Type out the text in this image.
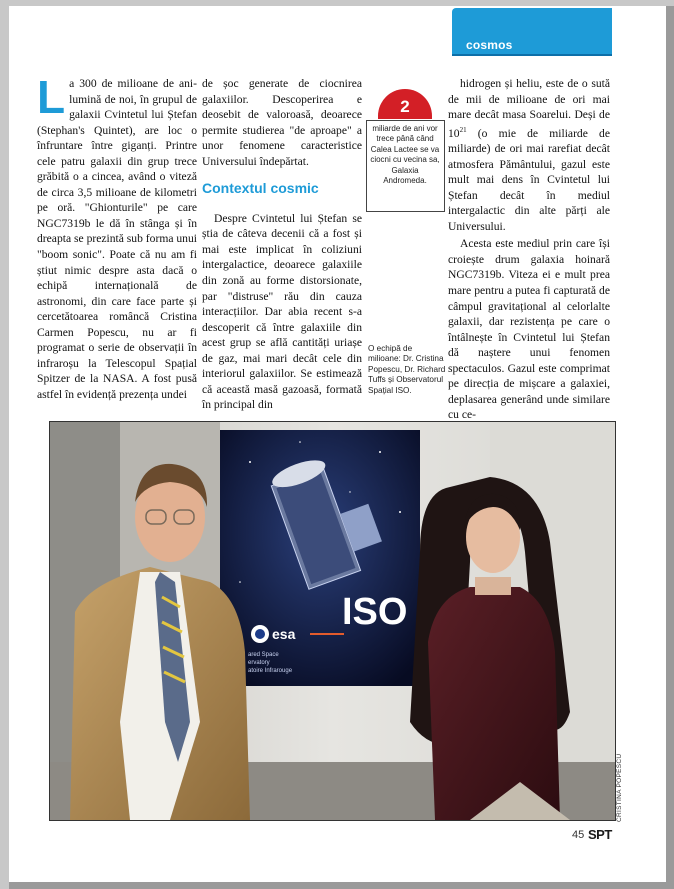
cosmos

La 300 de milioane de ani-lumină de noi, în grupul de galaxii Cvintetul lui Ștefan (Stephan's Quintet), are loc o înfruntare între giganți. Printre cele patru galaxii din grup trece grăbită o a cincea, având o viteză de circa 3,5 milioane de kilometri pe oră. "Ghionturile" pe care NGC7319b le dă în stânga și în dreapta se prezintă sub forma unui "boom sonic". Poate că nu am fi știut nimic despre asta dacă o echipă internațională de astronomi, din care face parte și cercetătoarea româncă Cristina Carmen Popescu, nu ar fi programat o serie de observații în infraroșu la Telescopul Spațial Spitzer de la NASA. A fost pusă astfel în evidență prezența undei

de șoc generate de ciocnirea galaxiilor. Descoperirea e deosebit de valoroasă, deoarece permite studierea "de aproape" a unor fenomene caracteristice Universului îndepărtat.

Contextul cosmic

Despre Cvintetul lui Ștefan se știa de câteva decenii că a fost și mai este implicat în coliziuni intergalactice, deoarece galaxiile din zonă au forme distorsionate, par "distruse" rău din cauza interacțiilor. Dar abia recent s-a descoperit că între galaxiile din acest grup se află cantități uriașe de gaz, mai mari decât cele din interiorul galaxiilor. Se estimează că această masă gazoasă, formată în principal din

2
miliarde de ani vor trece până când Calea Lactee se va ciocni cu vecina sa, Galaxia Andromeda.
O echipă de milioane: Dr. Cristina Popescu, Dr. Richard Tuffs și Observatorul Spațial ISO.

hidrogen și heliu, este de o sută de mii de milioane de ori mai mare decât masa Soarelui. Deși de $10^{21}$ (o mie de miliarde de miliarde) de ori mai rarefiat decât atmosfera Pământului, gazul este mult mai dens în Cvintetul lui Ștefan decât în mediul intergalactic din alte părți ale Universului.

Acesta este mediul prin care își croiește drum galaxia hoinară NGC7319b. Viteza ei e mult prea mare pentru a putea fi capturată de câmpul gravitațional al celorlalte galaxii, dar rezistența pe care o întâlnește în Cvintetul lui Ștefan dă naștere unui fenomen spectaculos. Gazul este comprimat pe direcția de mișcare a galaxiei, deplasarea generând unde similare cu ce-

esa
ISO
ared Space
ervatory
atoire Infrarouge
CRISTINA POPESCU
45 SPT
